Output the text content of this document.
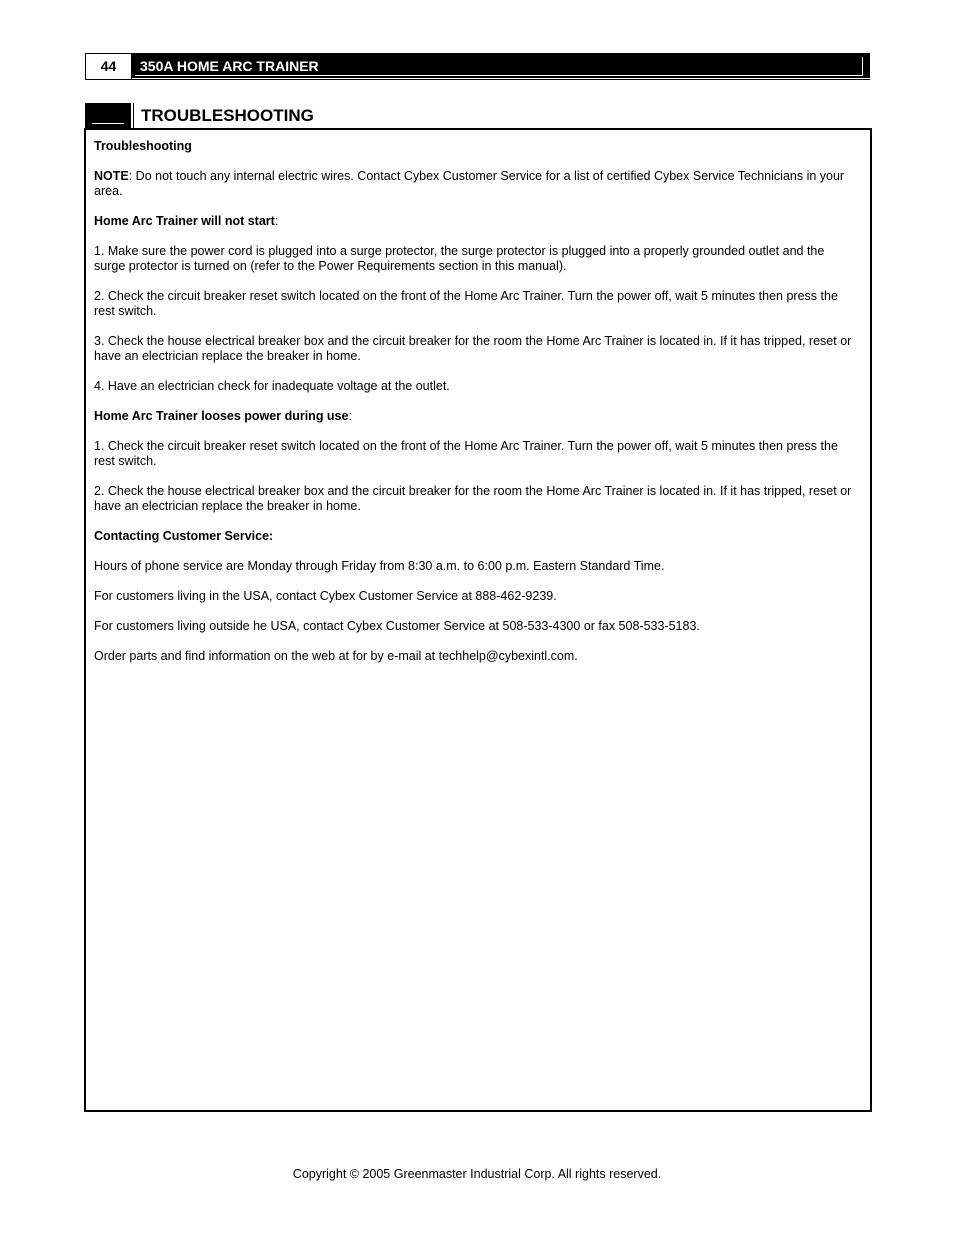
44	350A HOME ARC TRAINER
TROUBLESHOOTING

Troubleshooting

NOTE: Do not touch any internal electric wires. Contact Cybex Customer Service for a list of certified Cybex Service Technicians in your area.

Home Arc Trainer will not start:

1. Make sure the power cord is plugged into a surge protector, the surge protector is plugged into a properly grounded outlet and the surge protector is turned on (refer to the Power Requirements section in this manual).

2. Check the circuit breaker reset switch located on the front of the Home Arc Trainer. Turn the power off, wait 5 minutes then press the rest switch.

3. Check the house electrical breaker box and the circuit breaker for the room the Home Arc Trainer is located in. If it has tripped, reset or have an electrician replace the breaker in home.

4. Have an electrician check for inadequate voltage at the outlet.

Home Arc Trainer looses power during use:

1. Check the circuit breaker reset switch located on the front of the Home Arc Trainer. Turn the power off, wait 5 minutes then press the rest switch.

2. Check the house electrical breaker box and the circuit breaker for the room the Home Arc Trainer is located in. If it has tripped, reset or have an electrician replace the breaker in home.

Contacting Customer Service:

Hours of phone service are Monday through Friday from 8:30 a.m. to 6:00 p.m. Eastern Standard Time.

For customers living in the USA, contact Cybex Customer Service at 888-462-9239.

For customers living outside he USA, contact Cybex Customer Service at 508-533-4300 or fax 508-533-5183.

Order parts and find information on the web at for by e-mail at techhelp@cybexintl.com.

Copyright © 2005 Greenmaster Industrial Corp. All rights reserved.
